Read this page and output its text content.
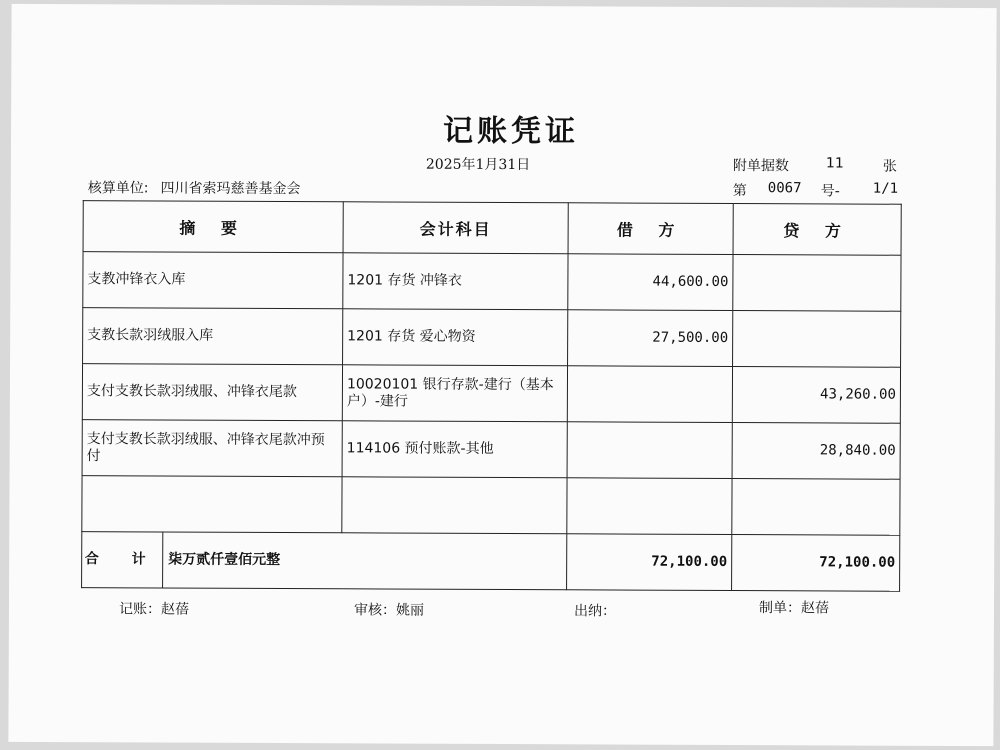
记账凭证
2025年1月31日	附单据数	11	张
核算单位: 四川省索玛慈善基金会	第 0067 号- 1/1
摘 要	会计科目	借 方	贷 方
支教冲锋衣入库	1201 存货 冲锋衣	44,600.00	
支教长款羽绒服入库	1201 存货 爱心物资	27,500.00	
支付支教长款羽绒服、冲锋衣尾款	10020101 银行存款-建行（基本户）-建行		43,260.00
支付支教长款羽绒服、冲锋衣尾款冲预付	114106 预付账款-其他		28,840.00

合 计 柒万贰仟壹佰元整		72,100.00	72,100.00
记账：赵蓓	审核：姚丽	出纳：	制单：赵蓓
